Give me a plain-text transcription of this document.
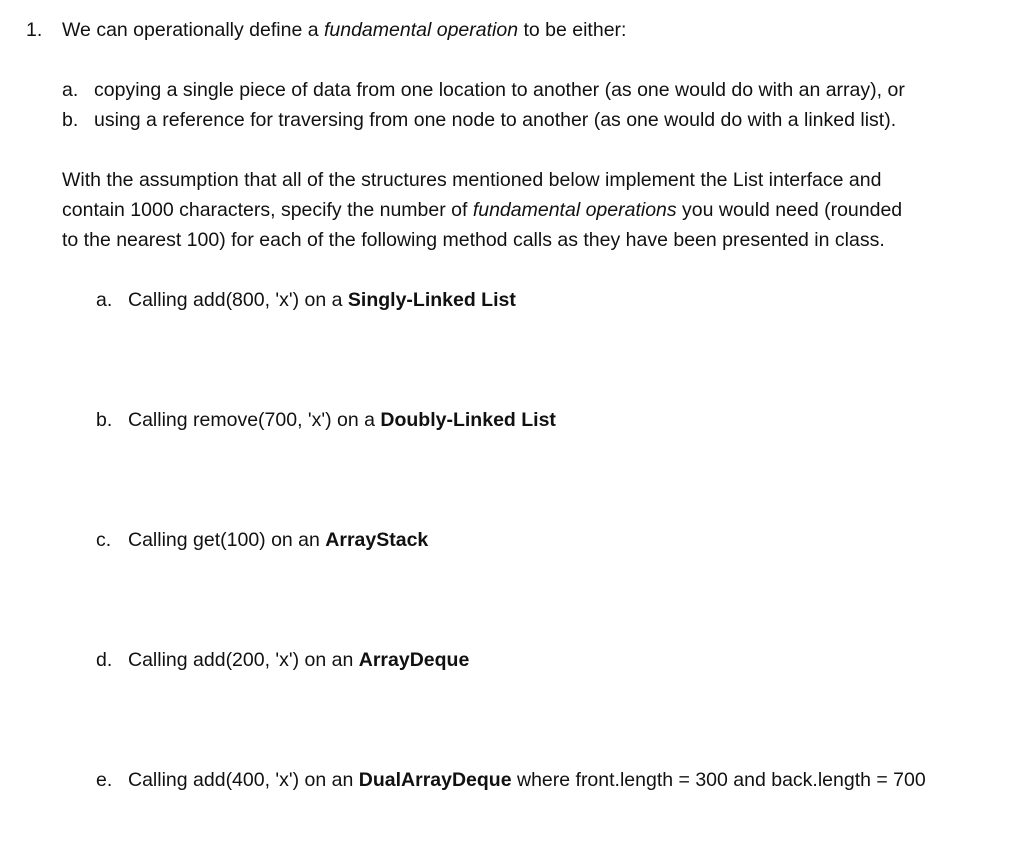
1. We can operationally define a fundamental operation to be either:
a. copying a single piece of data from one location to another (as one would do with an array), or
b. using a reference for traversing from one node to another (as one would do with a linked list).
With the assumption that all of the structures mentioned below implement the List interface and
contain 1000 characters, specify the number of fundamental operations you would need (rounded
to the nearest 100) for each of the following method calls as they have been presented in class.
a. Calling add(800, 'x') on a Singly-Linked List
b. Calling remove(700, 'x') on a Doubly-Linked List
c. Calling get(100) on an ArrayStack
d. Calling add(200, 'x') on an ArrayDeque
e. Calling add(400, 'x') on an DualArrayDeque where front.length = 300 and back.length = 700
